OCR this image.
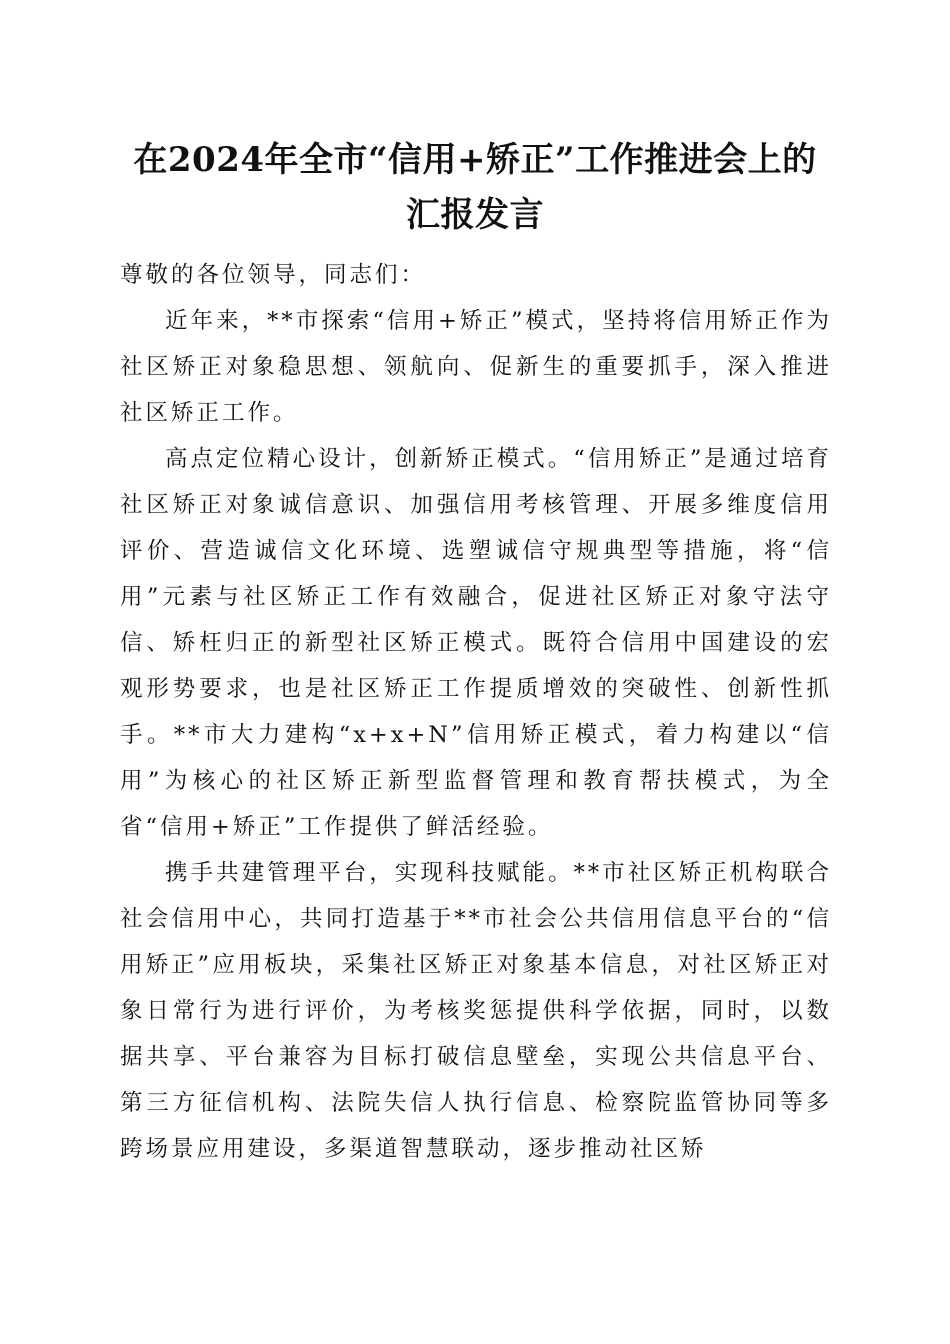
在2024年全市“信用+矫正”工作推进会上的
汇报发言

尊敬的各位领导，同志们：

近年来，**市探索“信用+矫正”模式，坚持将信用矫正作为社区矫正对象稳思想、领航向、促新生的重要抓手，深入推进社区矫正工作。

高点定位精心设计，创新矫正模式。“信用矫正”是通过培育社区矫正对象诚信意识、加强信用考核管理、开展多维度信用评价、营造诚信文化环境、选塑诚信守规典型等措施，将“信用”元素与社区矫正工作有效融合，促进社区矫正对象守法守信、矫枉归正的新型社区矫正模式。既符合信用中国建设的宏观形势要求，也是社区矫正工作提质增效的突破性、创新性抓手。**市大力建构“x+x+N”信用矫正模式，着力构建以“信用”为核心的社区矫正新型监督管理和教育帮扶模式，为全省“信用+矫正”工作提供了鲜活经验。

携手共建管理平台，实现科技赋能。**市社区矫正机构联合社会信用中心，共同打造基于**市社会公共信用信息平台的“信用矫正”应用板块，采集社区矫正对象基本信息，对社区矫正对象日常行为进行评价，为考核奖惩提供科学依据，同时，以数据共享、平台兼容为目标打破信息壁垒，实现公共信息平台、第三方征信机构、法院失信人执行信息、检察院监管协同等多跨场景应用建设，多渠道智慧联动，逐步推动社区矫
